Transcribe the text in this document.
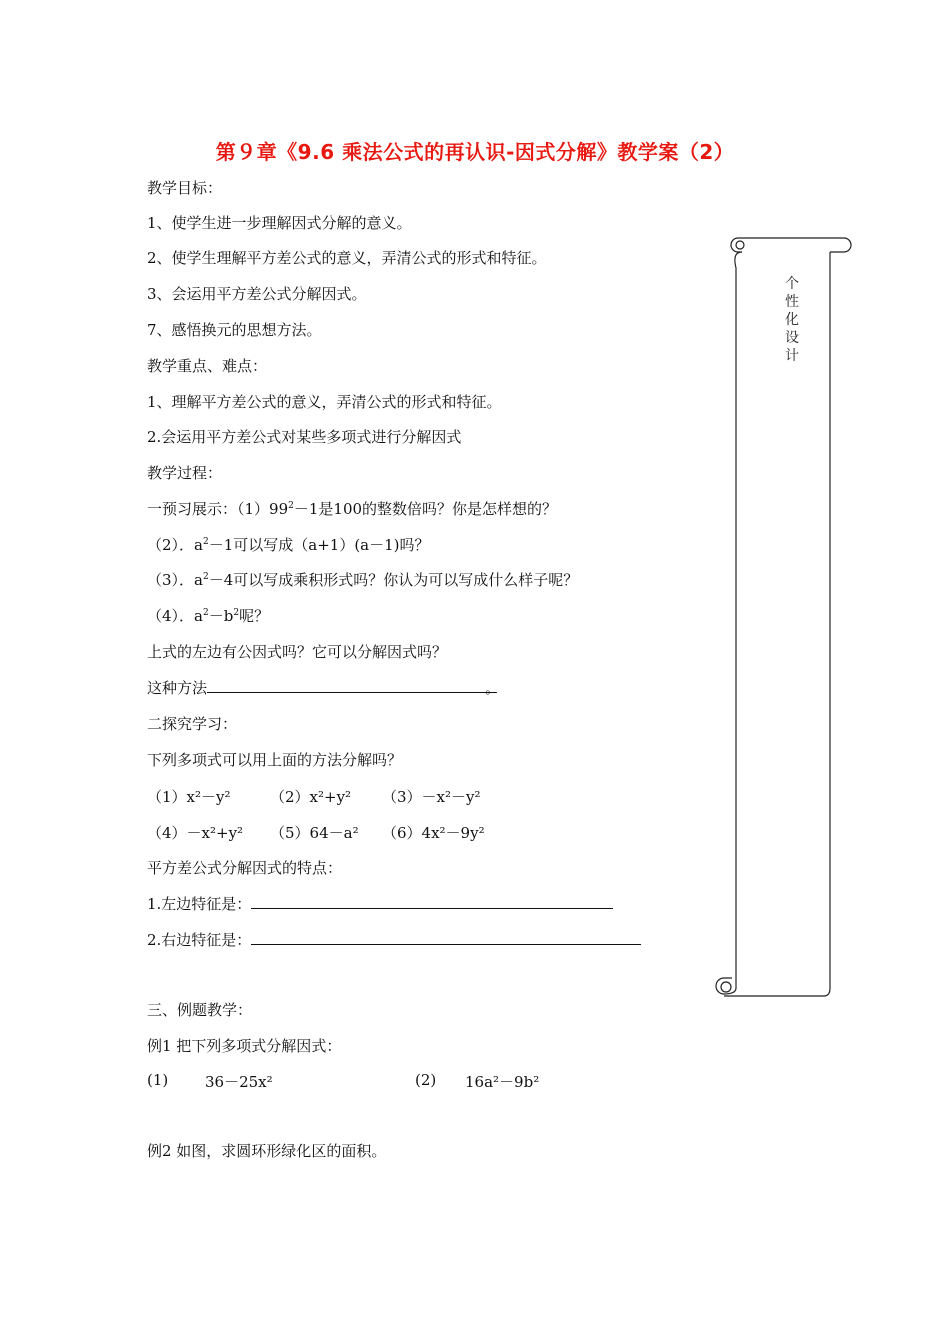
第９章《9.6 乘法公式的再认识-因式分解》教学案（2）
教学目标：
1、使学生进一步理解因式分解的意义。
2、使学生理解平方差公式的意义，弄清公式的形式和特征。
3、会运用平方差公式分解因式。
7、感悟换元的思想方法。
教学重点、难点：
1、理解平方差公式的意义，弄清公式的形式和特征。
2.会运用平方差公式对某些多项式进行分解因式
教学过程：
一预习展示：$(1)99^2-1$是100的整数倍吗？你是怎样想的？
（2）．$a^2-1$可以写成（a+1）(a－1)吗？
（3）．$a^2-4$可以写成乘积形式吗？你认为可以写成什么样子呢？
（4）．$a^2-b^2$呢？
上式的左边有公因式吗？它可以分解因式吗？
这种方法	。
二探究学习：
下列多项式可以用上面的方法分解吗？
（1）x²－y²	（2）x²+y² （3）－x²－y²
（4）－x²+y² （5）64－a² （6）4x²－9y²
平方差公式分解因式的特点：
1.左边特征是：
2.右边特征是：
三、例题教学：
例1 把下列多项式分解因式：
(1) 36－25x²	(2) 16a²－9b²
例2 如图，求圆环形绿化区的面积。
个
性
化
设
计
